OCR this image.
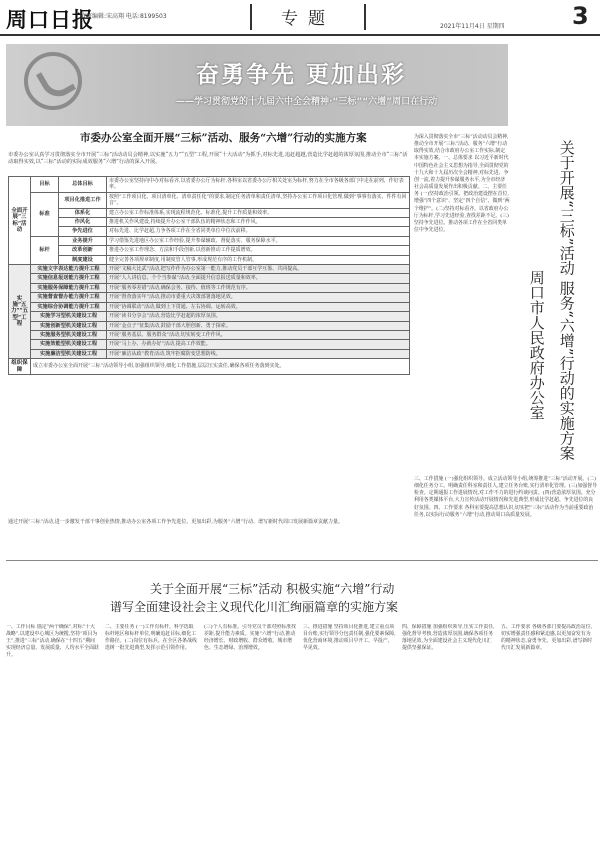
周口日报
值班编辑:宋高翔 电话:8199503	专题	2021年11月4日 星期四	3
奋勇争先 更加出彩
——学习贯彻党的十九届六中全会精神·“三标”“六增”周口在行动
关于开展“三标”活动 服务“六增”行动的实施方案
周口市人民政府办公室
市委办公室全面开展“三标”活动、服务“六增”行动的实施方案
市委办公室认真学习贯彻落实全市开展“三标”活动动员会精神,以实施“五力”“五型”工程,开展“十大活动”为抓手,对标先进,追赶超越,营造比学赶超的浓厚氛围,推动全市“三标”活动取得实效,以“三标”活动的实际成效服务“六增”行动的深入开展。
全面开展“三标”活动	目标	总体目标	市委办公室坚持向中办对标看齐,以省委办公厅为标杆,各科室以省委办公厅相关处室为标杆,努力在全市各级各部门中走在前列、作好表率。
	标准	项目化推进工作	按照“工作项目化、项目清单化、清单责任化”的要求,制定任务清单和责任清单,坚持办公室工作项目化管理,做到“事事有落实、件件有回音”。
		体系化	建立办公室工作标准体系,实现流程规范化、标准化,提升工作质量和效率。
		作风化	推进机关作风建设,持续提升办公室干部队伍的精神状态和工作作风。
		争先进位	对标先进、比学赶超,力争各项工作在全省同类单位中位次前移。
	标杆	业务提升	学习借鉴先进地区办公室工作经验,提升参谋辅政、督促落实、服务保障水平。
		改革创新	推进办公室工作理念、方法和手段创新,以创新推动工作提质增效。
		制度建设	健全完善各项规章制度,用制度管人管事,形成规范有序的工作机制。
实施“五力”“五型”工程	实施文字表达能力提升工程		开展“文稿大比武”活动,把写作作为办公室第一能力,推动党员干部互学互鉴、共同提高。
	实施信息报送能力提升工程		开展“人人讲信息、个个当参谋”活动,全面提升信息报送质量和效率。
	实施服务保障能力提升工程		开展“服务零差错”活动,确保会务、接待、值班等工作规范有序。
	实施督查督办能力提升工程		开展“督查落实年”活动,推动市委重大决策部署落地见效。
	实施综合协调能力提升工程		开展“协调联动”活动,做到上下贯通、左右协调、运转高效。
	实施学习型机关建设工程		开展“读书分享会”活动,营造比学赶超的浓厚氛围。
	实施创新型机关建设工程		开展“金点子”征集活动,鼓励干部大胆创新、勇于探索。
	实施服务型机关建设工程		开展“服务基层、服务群众”活动,切实转变工作作风。
	实施效能型机关建设工程		开展“马上办、办就办好”活动,提高工作效能。
	实施廉洁型机关建设工程		开展“廉洁从政”教育活动,筑牢拒腐防变思想防线。
组织保障	成立市委办公室全面开展“三标”活动领导小组,加强组织领导,细化工作措施,层层压实责任,确保各项任务落到实处。		
通过开展“三标”活动,进一步激发干部干事创业热情,推动办公室各项工作争先进位、更加出彩,为服务“六增”行动、谱写新时代周口发展新篇章贡献力量。
为深入贯彻落实全市“三标”活动动员会精神,推动全市开展“三标”活动、服务“六增”行动取得实效,结合市政府办公室工作实际,制定本实施方案。一、总体要求 以习近平新时代中国特色社会主义思想为指导,全面贯彻党的十九大和十九届历次全会精神,对标先进、争创一流,着力提升参谋服务水平,为全市经济社会高质量发展作出积极贡献。二、主要任务 (一)坚持政治引领。把政治建设摆在首位,增强“四个意识”、坚定“四个自信”、做到“两个维护”。(二)坚持对标看齐。以省政府办公厅为标杆,学习先进经验,查找差距不足。(三)坚持争先进位。推动各项工作在全省同类单位中争先进位。
三、工作措施 (一)强化组织领导。成立活动领导小组,统筹推进“三标”活动开展。(二)细化任务分工。明确责任科室和责任人,建立任务台账,实行清单化管理。(三)加强督导检查。定期通报工作进展情况,对工作不力的进行约谈问责。(四)营造浓厚氛围。充分利用各类媒体平台,大力宣传活动开展情况和先进典型,形成比学赶超、争先进位的良好氛围。四、工作要求 各科室要提高思想认识,切实把“三标”活动作为当前重要政治任务,以实际行动服务“六增”行动,推动周口高质量发展。
关于全面开展“三标”活动 积极实施“六增”行动
谱写全面建设社会主义现代化川汇绚丽篇章的实施方案
一、工作目标 锚定“两个确保”,对标“十大战略”,以建设中心城区为统揽,坚持“项目为王”,推进“三标”活动,确保在“十四五”期间实现经济总量、发展质量、人均水平全面跃升。
二、主要任务 (一)工作有标杆。科学选取标杆地区和标杆单位,明确追赶目标,细化工作路径。(二)岗位有标兵。在全区各条战线选树一批先进典型,发挥示范引领作用。
(三)个人有标准。引导党员干部对照标准找差距,提升能力素质。实施“六增”行动,推动经济增长、财政增收、群众增收、城市增色、生态增绿、治理增效。
三、推进措施 坚持项目化推进,建立重点项目台账,实行领导分包责任制,强化要素保障,优化营商环境,推动项目早开工、早投产、早见效。
四、保障措施 加强组织领导,压实工作责任,强化督导考核,营造浓厚氛围,确保各项任务落地见效,为全面建设社会主义现代化川汇提供坚强保证。
五、工作要求 各级各部门要提高政治站位,切实增强责任感和紧迫感,以更加奋发有为的精神状态,奋勇争先、更加出彩,谱写新时代川汇发展新篇章。
